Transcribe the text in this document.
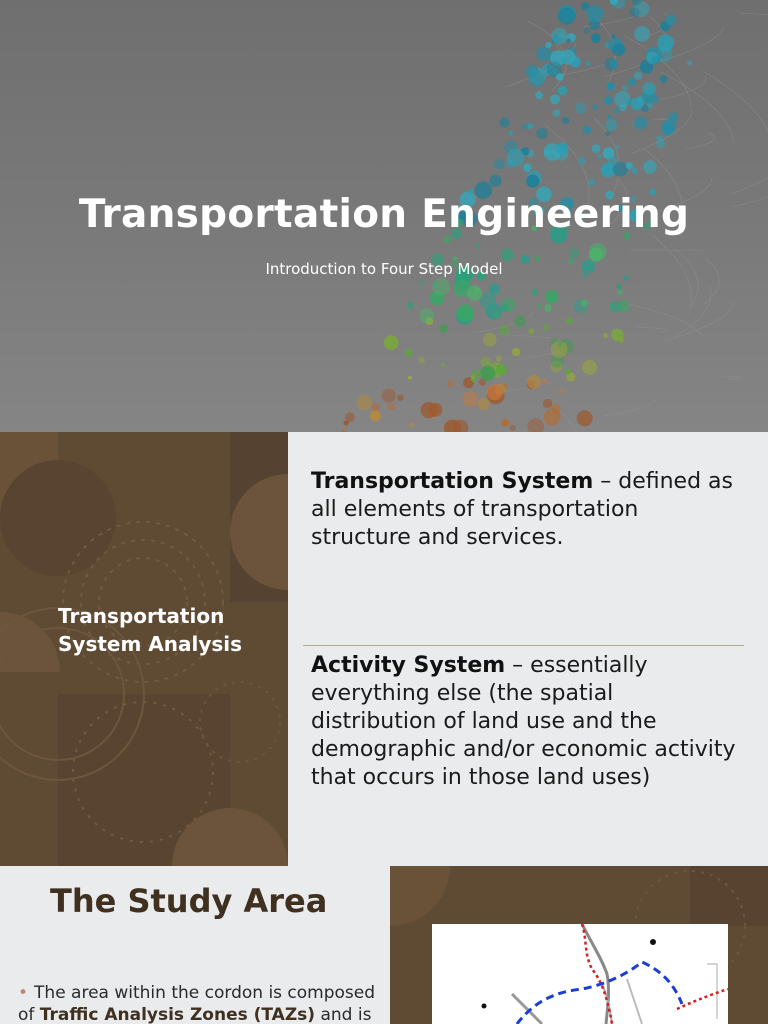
Transportation Engineering
Introduction to Four Step Model
Transportation System Analysis
Transportation System – defined as all elements of transportation structure and services.
Activity System – essentially everything else (the spatial distribution of land use and the demographic and/or economic activity that occurs in those land uses)
The Study Area
• The area within the cordon is composed of Traffic Analysis Zones (TAZs) and is
